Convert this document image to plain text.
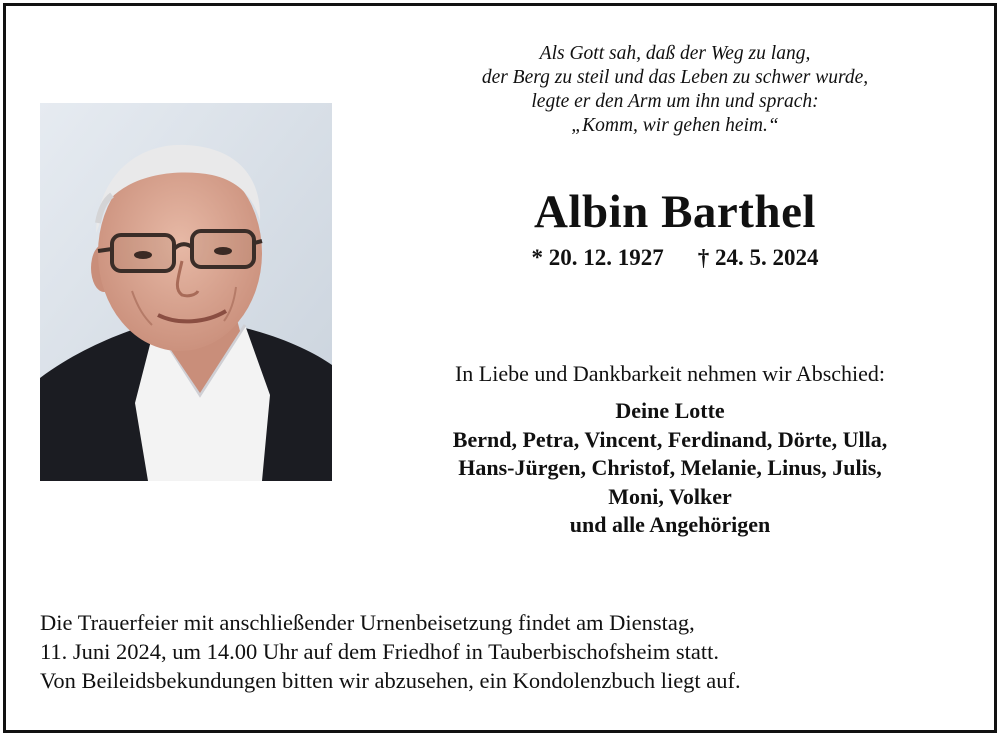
Als Gott sah, daß der Weg zu lang,
der Berg zu steil und das Leben zu schwer wurde,
legte er den Arm um ihn und sprach:
„Komm, wir gehen heim.“
Albin Barthel
* 20. 12. 1927 † 24. 5. 2024
In Liebe und Dankbarkeit nehmen wir Abschied:
Deine Lotte
Bernd, Petra, Vincent, Ferdinand, Dörte, Ulla,
Hans-Jürgen, Christof, Melanie, Linus, Julis,
Moni, Volker
und alle Angehörigen
Die Trauerfeier mit anschließender Urnenbeisetzung findet am Dienstag,
11. Juni 2024, um 14.00 Uhr auf dem Friedhof in Tauberbischofsheim statt.
Von Beileidsbekundungen bitten wir abzusehen, ein Kondolenzbuch liegt auf.
